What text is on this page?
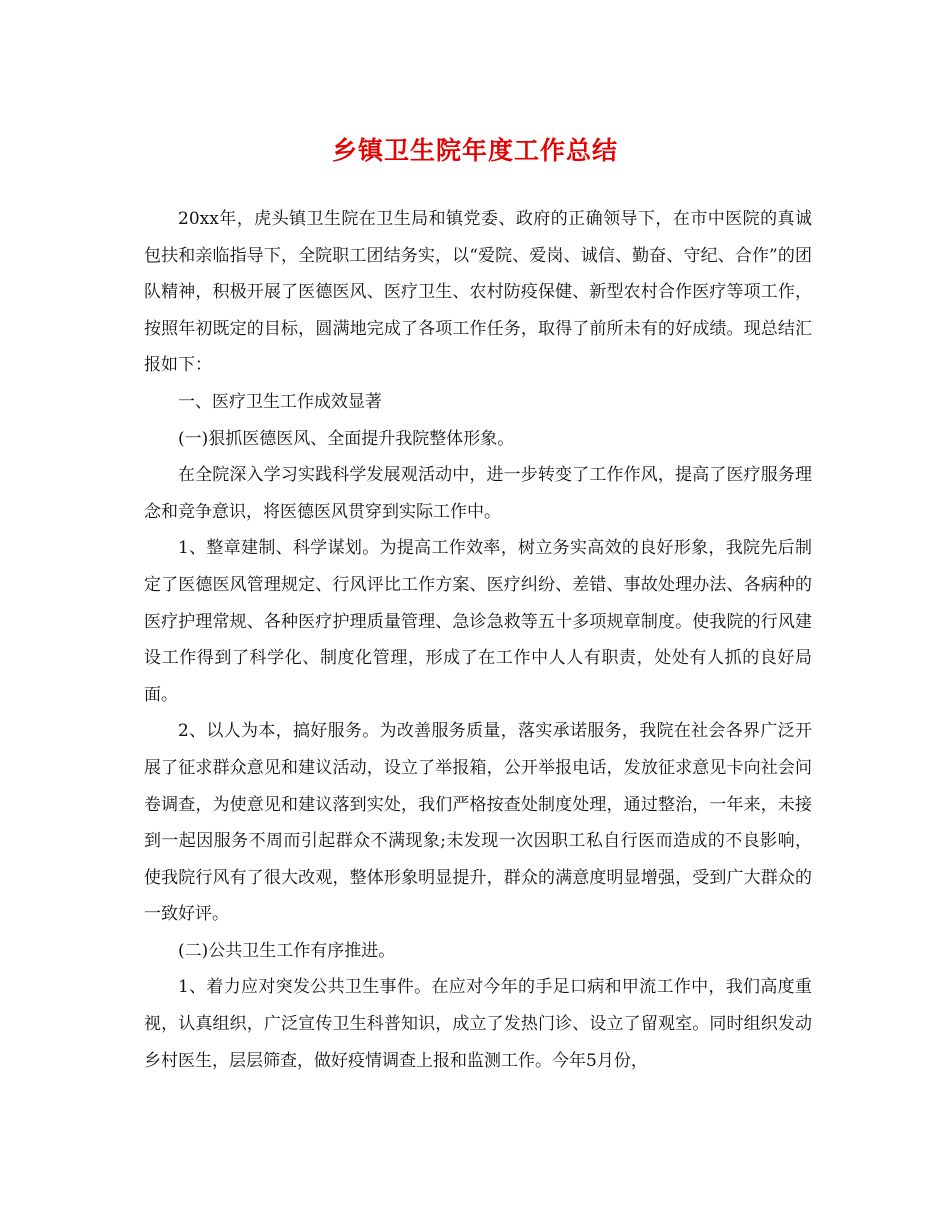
乡镇卫生院年度工作总结

20xx年，虎头镇卫生院在卫生局和镇党委、政府的正确领导下，在市中医院的真诚包扶和亲临指导下，全院职工团结务实，以“爱院、爱岗、诚信、勤奋、守纪、合作”的团队精神，积极开展了医德医风、医疗卫生、农村防疫保健、新型农村合作医疗等项工作，按照年初既定的目标，圆满地完成了各项工作任务，取得了前所未有的好成绩。现总结汇报如下：

一、医疗卫生工作成效显著

(一)狠抓医德医风、全面提升我院整体形象。

在全院深入学习实践科学发展观活动中，进一步转变了工作作风，提高了医疗服务理念和竞争意识，将医德医风贯穿到实际工作中。

1、整章建制、科学谋划。为提高工作效率，树立务实高效的良好形象，我院先后制定了医德医风管理规定、行风评比工作方案、医疗纠纷、差错、事故处理办法、各病种的医疗护理常规、各种医疗护理质量管理、急诊急救等五十多项规章制度。使我院的行风建设工作得到了科学化、制度化管理，形成了在工作中人人有职责，处处有人抓的良好局面。

2、以人为本，搞好服务。为改善服务质量，落实承诺服务，我院在社会各界广泛开展了征求群众意见和建议活动，设立了举报箱，公开举报电话，发放征求意见卡向社会问卷调查，为使意见和建议落到实处，我们严格按查处制度处理，通过整治，一年来，未接到一起因服务不周而引起群众不满现象;未发现一次因职工私自行医而造成的不良影响，使我院行风有了很大改观，整体形象明显提升，群众的满意度明显增强，受到广大群众的一致好评。

(二)公共卫生工作有序推进。

1、着力应对突发公共卫生事件。在应对今年的手足口病和甲流工作中，我们高度重视，认真组织，广泛宣传卫生科普知识，成立了发热门诊、设立了留观室。同时组织发动乡村医生，层层筛查，做好疫情调查上报和监测工作。今年5月份，
